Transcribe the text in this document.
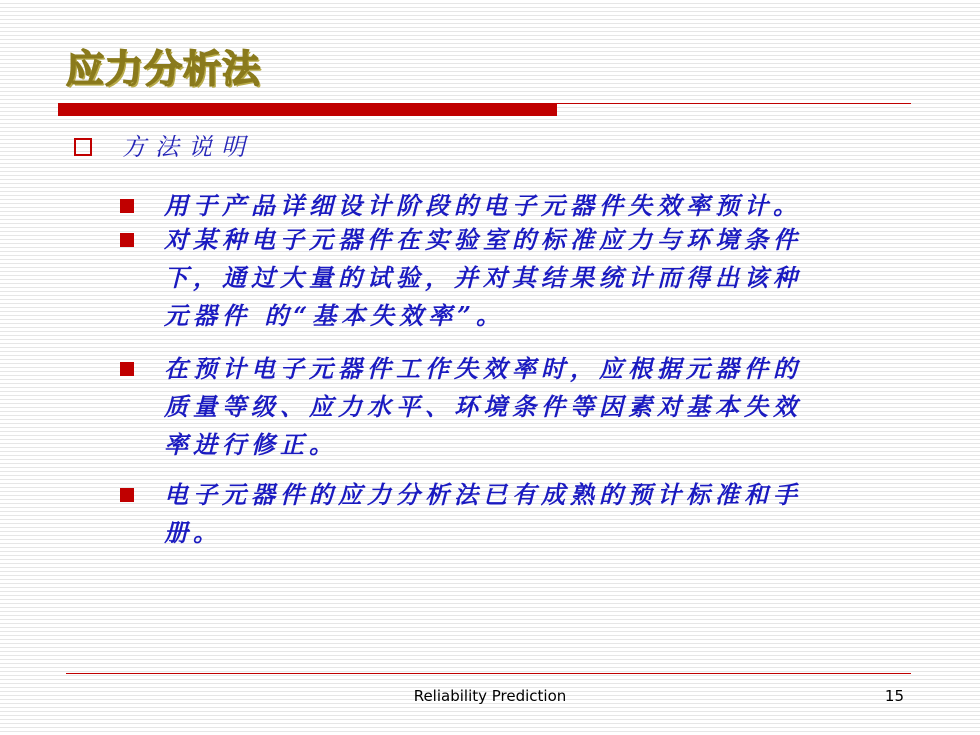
应力分析法
方法说明
用于产品详细设计阶段的电子元器件失效率预计。
对某种电子元器件在实验室的标准应力与环境条件
下，通过大量的试验，并对其结果统计而得出该种
元器件 的“基本失效率”。
在预计电子元器件工作失效率时，应根据元器件的
质量等级、应力水平、环境条件等因素对基本失效
率进行修正。
电子元器件的应力分析法已有成熟的预计标准和手
册。
Reliability Prediction	15
